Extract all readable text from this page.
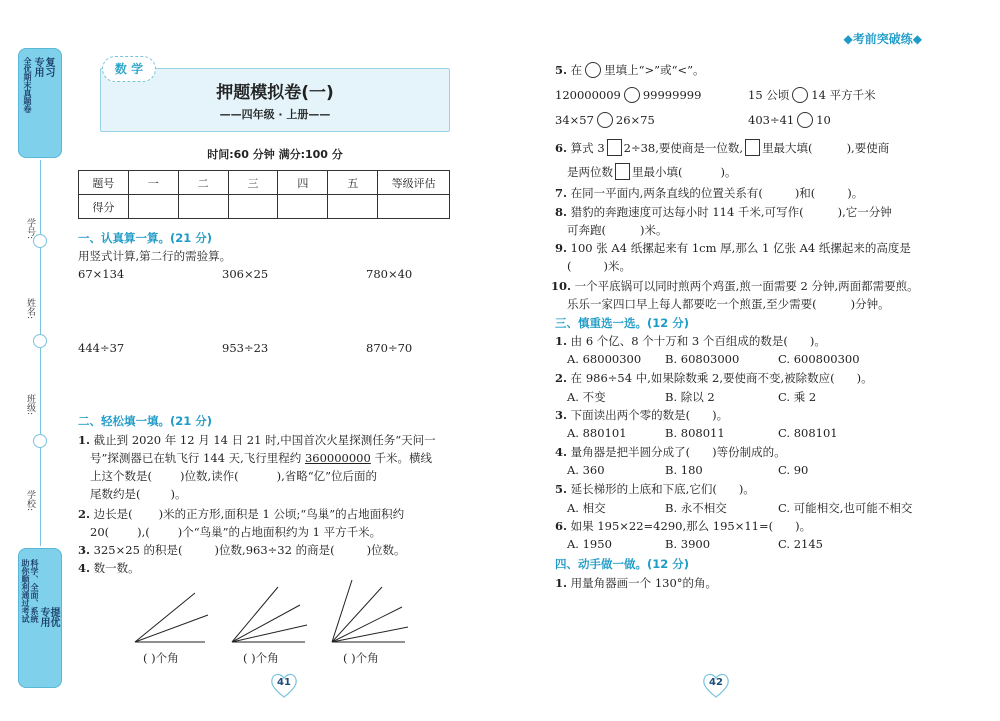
复习
专用
全优期末真题卷
学号:
姓名:
班级:
学校:
提优
专用
科学、全面、系统
助你顺利通过考试
数 学
押题模拟卷(一)
——四年级 · 上册——
时间:60 分钟 满分:100 分
◆考前突破练◆
题号	一	二	三	四	五	等级评估
得分						
一、认真算一算。(21 分)
用竖式计算,第二行的需验算。
67×134	306×25	780×40
444÷37	953÷23	870÷70
二、轻松填一填。(21 分)
1. 截止到 2020 年 12 月 14 日 21 时,中国首次火星探测任务“天问一
号”探测器已在轨飞行 144 天,飞行里程约 360000000 千米。横线
上这个数是( )位数,读作(	),省略“亿”位后面的
尾数约是(	)。
2. 边长是( )米的正方形,面积是 1 公顷;“鸟巢”的占地面积约
20( ),( )个“鸟巢”的占地面积约为 1 平方千米。
3. 325×25 的积是(	)位数,963÷32 的商是(	)位数。
4. 数一数。
( )个角	( )个角	( )个角
41
5. 在 里填上“>”或“<”。
120000009 99999999	15 公顷 14 平方千米
34×57 26×75	403÷41 10
6. 算式 3 2÷38,要使商是一位数, 里最大填(	),要使商
是两位数 里最小填(	)。
7. 在同一平面内,两条直线的位置关系有(	)和(	)。
8. 猎豹的奔跑速度可达每小时 114 千米,可写作(	),它一分钟
可奔跑(	)米。
9. 100 张 A4 纸摞起来有 1cm 厚,那么 1 亿张 A4 纸摞起来的高度是
(	)米。
10. 一个平底锅可以同时煎两个鸡蛋,煎一面需要 2 分钟,两面都需要煎。
乐乐一家四口早上每人都要吃一个煎蛋,至少需要(	)分钟。
三、慎重选一选。(12 分)
1. 由 6 个亿、8 个十万和 3 个百组成的数是( )。
A. 68000300 B. 60803000	C. 600800300
2. 在 986÷54 中,如果除数乘 2,要使商不变,被除数应( )。
A. 不变	B. 除以 2	C. 乘 2
3. 下面读出两个零的数是( )。
A. 880101	B. 808011	C. 808101
4. 量角器是把半圆分成了( )等份制成的。
A. 360	B. 180	C. 90
5. 延长梯形的上底和下底,它们( )。
A. 相交	B. 永不相交	C. 可能相交,也可能不相交
6. 如果 195×22=4290,那么 195×11=( )。
A. 1950	B. 3900	C. 2145
四、动手做一做。(12 分)
1. 用量角器画一个 130°的角。
42
